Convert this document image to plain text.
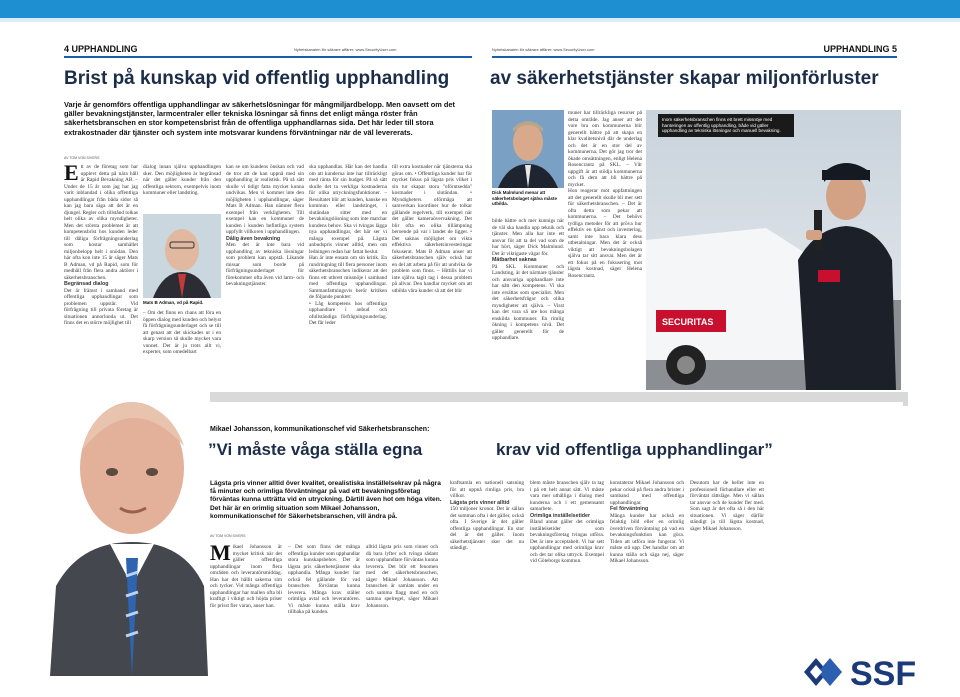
4 UPPHANDLING	Nyhetskanalen för säkrare affärer: www.SecurityUser.com
Brist på kunskap vid offentlig upphandling
Varje år genomförs offentliga upphandlingar av säkerhetslösningar för mångmiljardbelopp. Men oavsett om det gäller bevakningstjänster, larmcentraler eller tekniska lösningar så finns det enligt många röster från säkerhetsbranschen en stor kompetensbrist från de offentliga upphandlarnas sida. Det här leder till stora extrakostnader där tjänster och system inte motsvarar kundens förväntningar när de väl levererats.
AV TOM VON SIVERS
Ett av de företag som har upplevt detta på nära håll är Rapid Bevakning AB. – Under de 15 år som jag har jag varit inblandad i olika offentliga upphandlingar från båda sidor så kan jag bara säga att det är en djungel. Regler och tillstånd tolkas helt olika av olika myndigheter. Men det största problemet är att kompetensbrist hos kunden leder till dåliga förfrågningsunderlag som kostar samhället miljonbelopp helt i onödan. Den här ofta kon inte 15 år säger Mats B Adman, vd på Rapid, som för medhåll från flera andra aktörer i säkerhetsbranschen.
Begränsad dialog
Det är främst i samband med offentliga upphandlingar som problemen uppstår. Vid förfrågning till privata företag är situationen annorlunda ut. Det finns det en större möjlighet till
dialog innan själva upphandlingen sker. Den möjligheten är begränsad när det gäller kunder från den offentliga sektorn, exempelvis inom kommuner eller landsting.
Mats B Adman, vd på Rapid.
– Om det finns en chans att föra en öppen dialog med kunden och belyst få förfrågningsunderlaget och se till att genast att det skickades ut i en skarp version så skulle mycket vara vunnet. Det är ju trots allt vi, experter, som omedelbart
kan se om kundens önskan och vad de tror att de kan uppnå med sin upphandling är realistisk. På så sätt skulle vi tidigt fatta mycket kunna undvikas. Men vi kommer inte den möjligheten i upphandlingar, säger Mats B Adman. Han nämner flera exempel från verkligheten. Till exempel kan en kommuner de kunden i kunden befintliga system uppfyllt villkoren i upphandlingen.
Dålig även bevakning
Men det är inte bara vid upphandling av tekniska lösningar som problem kan uppstå. Likande missar som borde på förfrågningsunderlaget för förekommer ofta även vid larm- och bevakningstjänster.
ska upphandlas. Här kan det handla om att kunderna inte har tillräckligt med ränta för sin budget. På så sätt skulle det ta verkliga kostnaderna för olika utryckningsfunktioner. – Resultatet blir att kunden, kanske en kommun eller landstinget, i slutändan sitter med en bevakningslösning som inte matchar kundens behov. Ska vi tvingas lägga nya upphandlingar, det här ser vi många exempel på. Lägsta anbudspris vinner alltid, men om ledningen redan har fattat beslut.
Han är inte ensam om sin kritik. En rundringning till flera personer inom säkerhetsbranschen indikerar att det finns ett utbrett missnöje i samband med offentliga upphandlingar. Sammanfattningsvis berör kritiken de följande punkter:
• Låg kompetens hos offentliga upphandlare i anbud och ofullständiga förfrågningsunderlag. Det får leder
till extra kostnader när tjänsterna ska göras om. • Offentliga kunder har för mycket fokus på lägsta pris vilket i sin tur skapar stora "oförutsedda" kostnader i slutändan. • Myndigheters oförmåga att samverkan koordiner hur de tolkar gällande regelverk, till exempel när det gäller kameraövervakning. Det blir ofta en olika tillämpning beroende på var i landet de ligger. • Det saknas möjlighet om vikta effektiva säkerhetsinvesteringar fokuserat. Mats B Adman anser att säkerhetsbranschen själv också har en del att arbeta på för att undvika de problem som finns. – Hittills har vi inte själva tagit tag i dessa problem på allvar. Den handlar mycket om att utbilda våra kunder så att det blir
Nyhetskanalen för säkrare affärer: www.SecurityUser.com	UPPHANDLING 5
av säkerhetstjänster skapar miljonförluster
Dick Malmlund menar att säkerhetsbolaget själva måste utbilda.
bilde bättre och mer kunnigs när de väl ska handla upp teknik och tjänster. Men alla har inte ett ansvar för att ta del vad som de har hört, säger Dick Malmlund. Det är viktigaste vägar för.
Mätbarhet saknas
På SKL Kommuner och Landsting, är det närmare tjänster och ansvariga upphandlare inte har nått den kompetens. Vi ska inte ersättas som specialist. Men det säkerhetsfrågor och olika myndigheter att själva. – Visst kan det vara så ute hos många enskilda kommuner. En rimlig ökning i kompetens nivå. Det gäller generellt för de upphandlare.
muner har tillräckliga resurser på detta område. Jag anser att det vore bra om kommunerna blir generellt bättre på att skapa en klar kvalitetsnivå där de underlag och det är en stor del av kommunerna. Det gör jag tror det ökade omsättningen, enligt Helena Rosencrantz på SKL. – Vår uppgift är att stödja kommunerna och få dem att bli bättre på mycket.
Hon reagerar mot uppfattningen att det generellt skulle bli mer sett för säkerhetsbranschen. – Det är ofta detta som pekar att kommunerna. – Det behövs tydliga metoder för att pröva hur effektiv en tjänst och investering, samt inte bara klara dess utbetalningar. Men det är också viktigt att bevakningsbolagen själva tar sitt ansvar. Men det är ett fokus på en fokusering mot lägsta kostnad, säger Helena Rosencrantz.
SECURITAS
Inom säkerhetsbranschen finns ett brett missnöje med hanteringen av offentlig upphandling, både vid gäller upphandling av tekniska lösningar och manuell bevakning.
Mikael Johansson, kommunikationschef vid Säkerhetsbranschen:
”Vi måste våga ställa egna	krav vid offentliga upphandlingar”
Lägsta pris vinner alltid över kvalitet, orealistiska inställelsekrav på några få minuter och orimliga förväntningar på vad ett bevakningsföretag förväntas kunna utträtta vid en utryckning. Därtill även hot om höga viten. Det här är en orimlig situation som Mikael Johansson, kommunikationschef för Säkerhetsbranschen, vill ändra på.
AV TOM VON SIVERS
Mikael Johansson är mycket kritisk när det gäller offentliga upphandlingar inom flera områden och leverantörsmiddag. Han har det hållit sakerna sim och tycker. Vid många offentliga upphandlingar har mallen ofta bli kraftigt i viktigt och höjda priser för prisst fler varan, anser han.
– Det som finns det många offentliga kunder som upphandlar stora kunskapsbehov. Det är lägsta pris säkerhetstjänster ska upphandla. Många kunder har också fel gällande för vad branschen förväntas kunna leverera. Många krav ställer orimliga avtal och leverantören. Vi måste kunna ställa krav tillbaka på kunden.
alltid lägsta pris som vinner och då bara lyfter och tvinga sådant som upphandlare förväntas kunna leverera. Det blir ett fenomen med det säkerhetsbranschen, säger Mikael Johansson. Att branschen är samlats under en och samma flagg med en och samma spelregel, säger Mikael Johansson.
kraftsamla en nationell satsning för att uppnå rimliga pris, bra villkor.
Lägsta pris vinner alltid
150 miljoner kronor. Det är sällan det summan ofta i det gäller, också ofta. I Sverige är det gäller offentliga upphandlingar. En stor del är det gäller. Inom säkerhetstjänster sker det nu ständigt.
blem måste branschen själv ta tag i på ett helt annat sätt. Vi måste vara mer uthålliga i dialog med kunderna och i ett gemensamt samarbete.
Orimliga inställelsetider
Bland annat gäller det orimliga inställelsetider som bevakningsföretag tvingas utföra. Det är inte acceptabelt. Vi har sett upphandlingar med orimliga krav och det tar olika uttryck. Exempel vid Göteborgs kommun.
konstaterar Mikael Johansson och pekar också på flera andra brister i samband med offentliga upphandlingar.
Fel förväntning
Många kunder har också en felaktig bild eller en orimlig överdriven förväntning på vad en bevakningsfunktion kan göra. Tiden att utföra inte fungerar. Vi måste stå upp. Det handlar om att kunna ställa och säga nej, säger Mikael Johansson.
Desutom har de heller inte en professionell förhandlare eller ett förväntat rättsläge. Men vi sällan tar ansvar och de kunder fler med. Som sagt är det ofta så i den här situationen. Vi säger därför ständigt ja till lägsta kostnad, säger Mikael Johansson.
SSF
